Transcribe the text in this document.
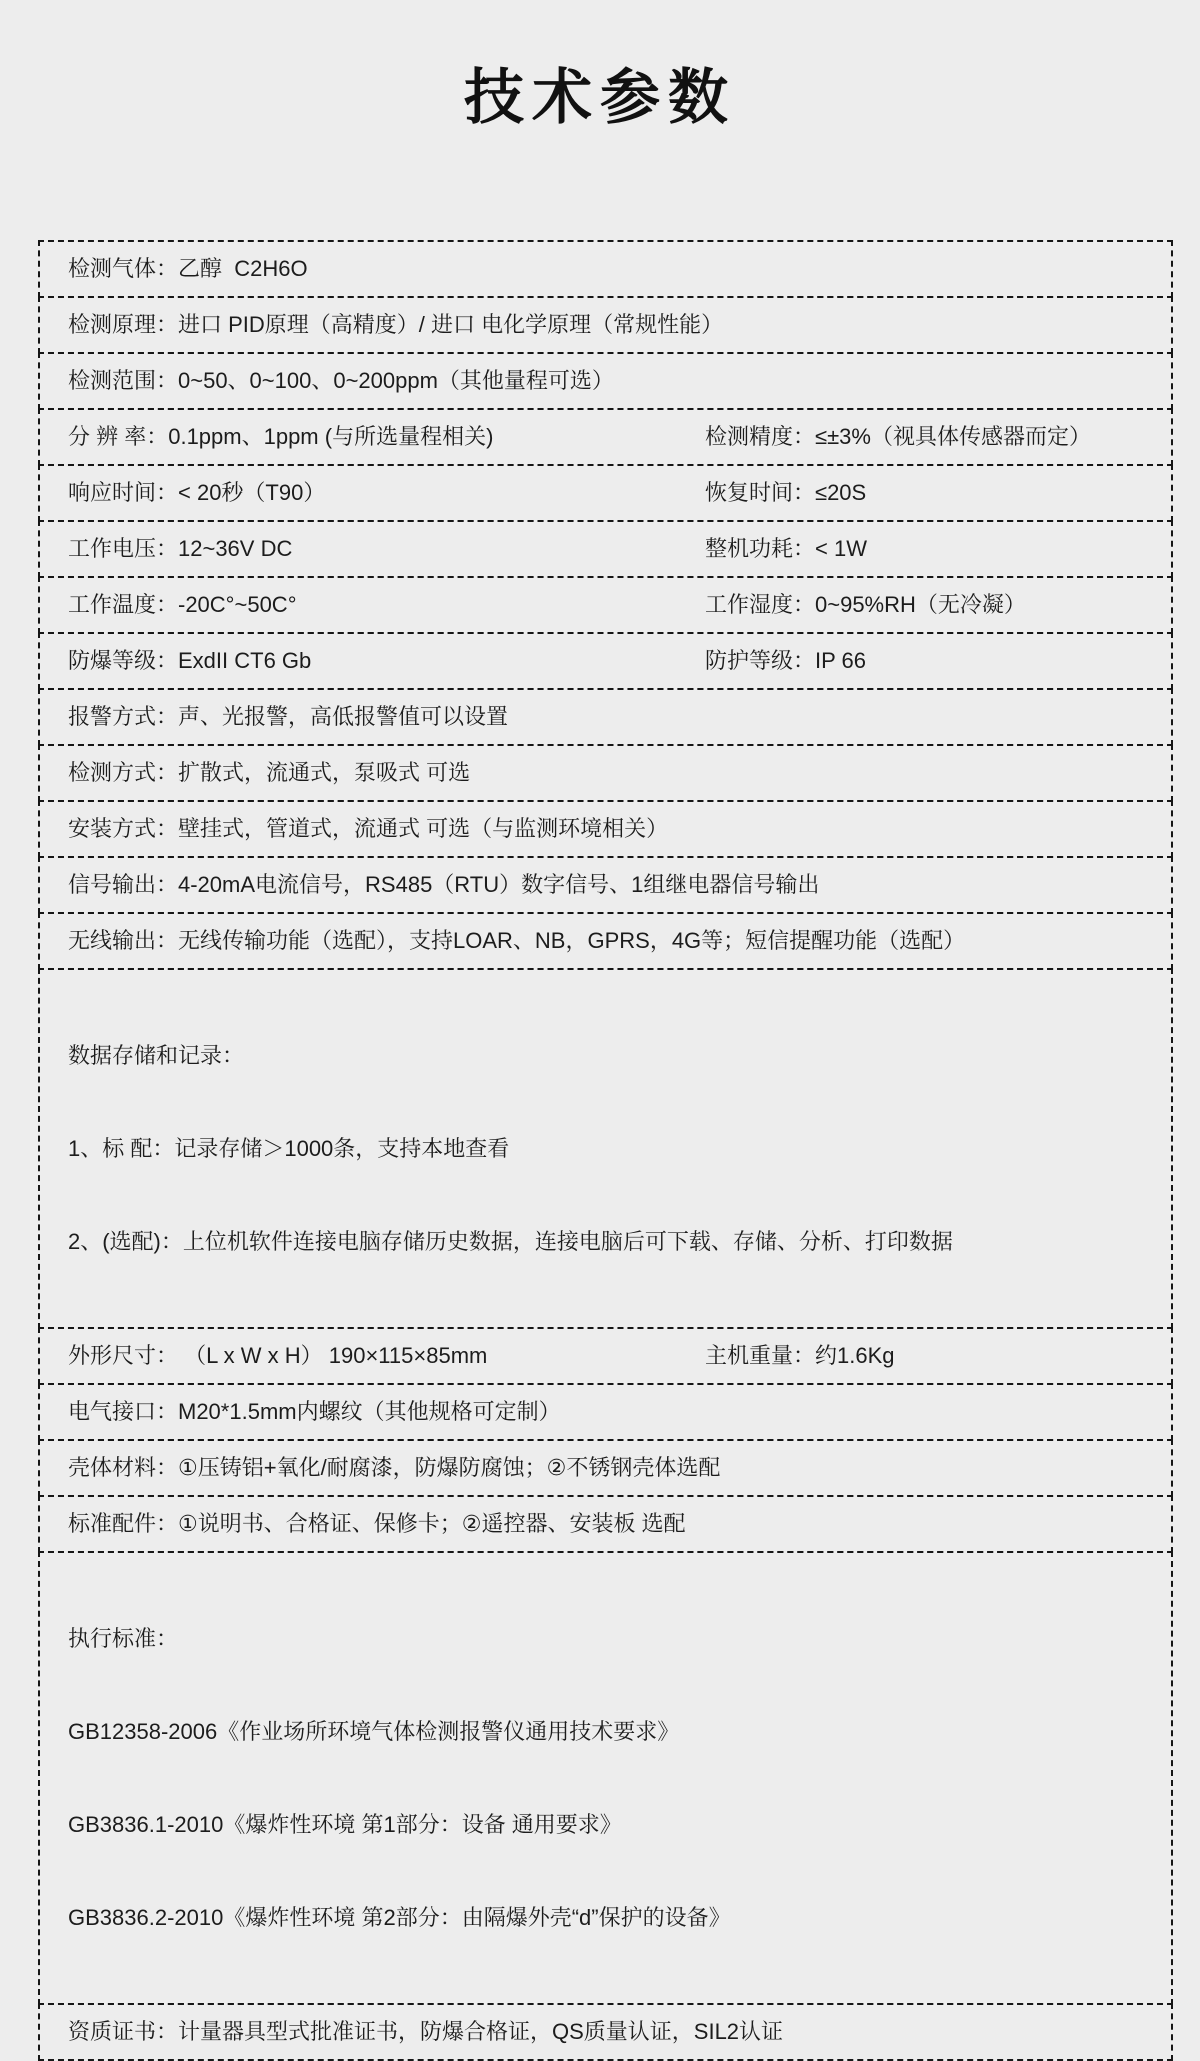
技术参数
检测气体：乙醇  C2H6O
检测原理：进口 PID原理（高精度）/ 进口 电化学原理（常规性能）
检测范围：0~50、0~100、0~200ppm（其他量程可选）
分 辨 率：0.1ppm、1ppm (与所选量程相关)	检测精度：≤±3%（视具体传感器而定）
响应时间：< 20秒（T90）	恢复时间：≤20S
工作电压：12~36V DC	整机功耗：< 1W
工作温度：-20C°~50C°	工作湿度：0~95%RH（无冷凝）
防爆等级：ExdII CT6 Gb	防护等级：IP 66
报警方式：声、光报警，高低报警值可以设置
检测方式：扩散式，流通式，泵吸式 可选
安装方式：壁挂式，管道式，流通式 可选（与监测环境相关）
信号输出：4-20mA电流信号，RS485（RTU）数字信号、1组继电器信号输出
无线输出：无线传输功能（选配），支持LOAR、NB，GPRS，4G等；短信提醒功能（选配）

数据存储和记录：

1、标 配：记录存储＞1000条，支持本地查看

2、(选配)：上位机软件连接电脑存储历史数据，连接电脑后可下载、存储、分析、打印数据

外形尺寸： （L x W x H） 190×115×85mm	主机重量：约1.6Kg
电气接口：M20*1.5mm内螺纹（其他规格可定制）
壳体材料：①压铸铝+氧化/耐腐漆，防爆防腐蚀；②不锈钢壳体选配
标准配件：①说明书、合格证、保修卡；②遥控器、安装板 选配

执行标准：

GB12358-2006《作业场所环境气体检测报警仪通用技术要求》

GB3836.1-2010《爆炸性环境 第1部分：设备 通用要求》

GB3836.2-2010《爆炸性环境 第2部分：由隔爆外壳“d”保护的设备》

资质证书：计量器具型式批准证书，防爆合格证，QS质量认证，SIL2认证
